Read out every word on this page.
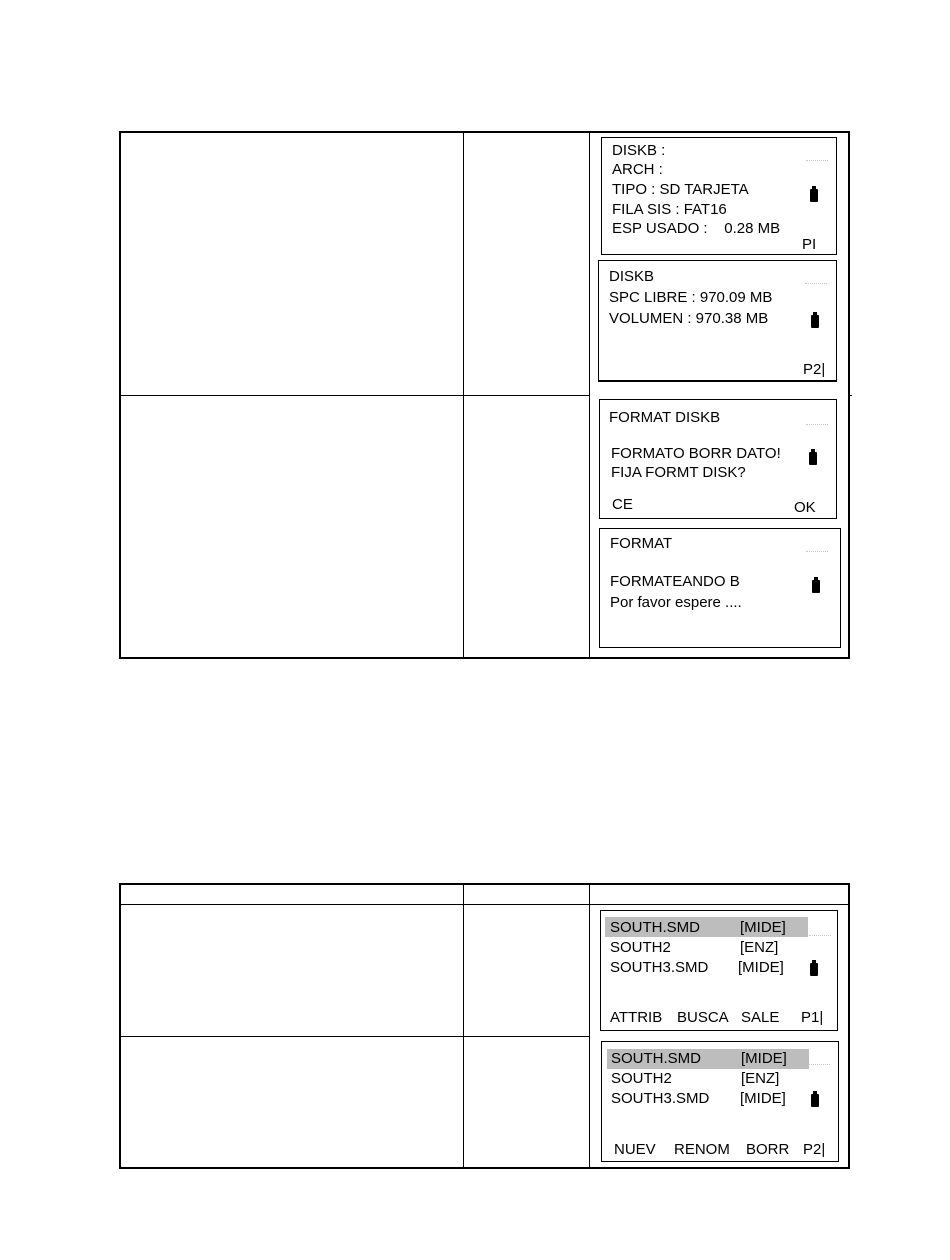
DISKB :
ARCH :
TIPO : SD TARJETA
FILA SIS : FAT16
ESP USADO :    0.28 MB
PI
DISKB
SPC LIBRE : 970.09 MB
VOLUMEN : 970.38 MB
P2|
FORMAT DISKB
FORMATO BORR DATO!
FIJA FORMT DISK?
CE	OK
FORMAT
FORMATEANDO B
Por favor espere ....
SOUTH.SMD	[MIDE]
SOUTH2	[ENZ]
SOUTH3.SMD [MIDE]
ATTRIB BUSCA SALE P1|
SOUTH.SMD	[MIDE]
SOUTH2	[ENZ]
SOUTH3.SMD [MIDE]
NUEV RENOM BORR P2|
